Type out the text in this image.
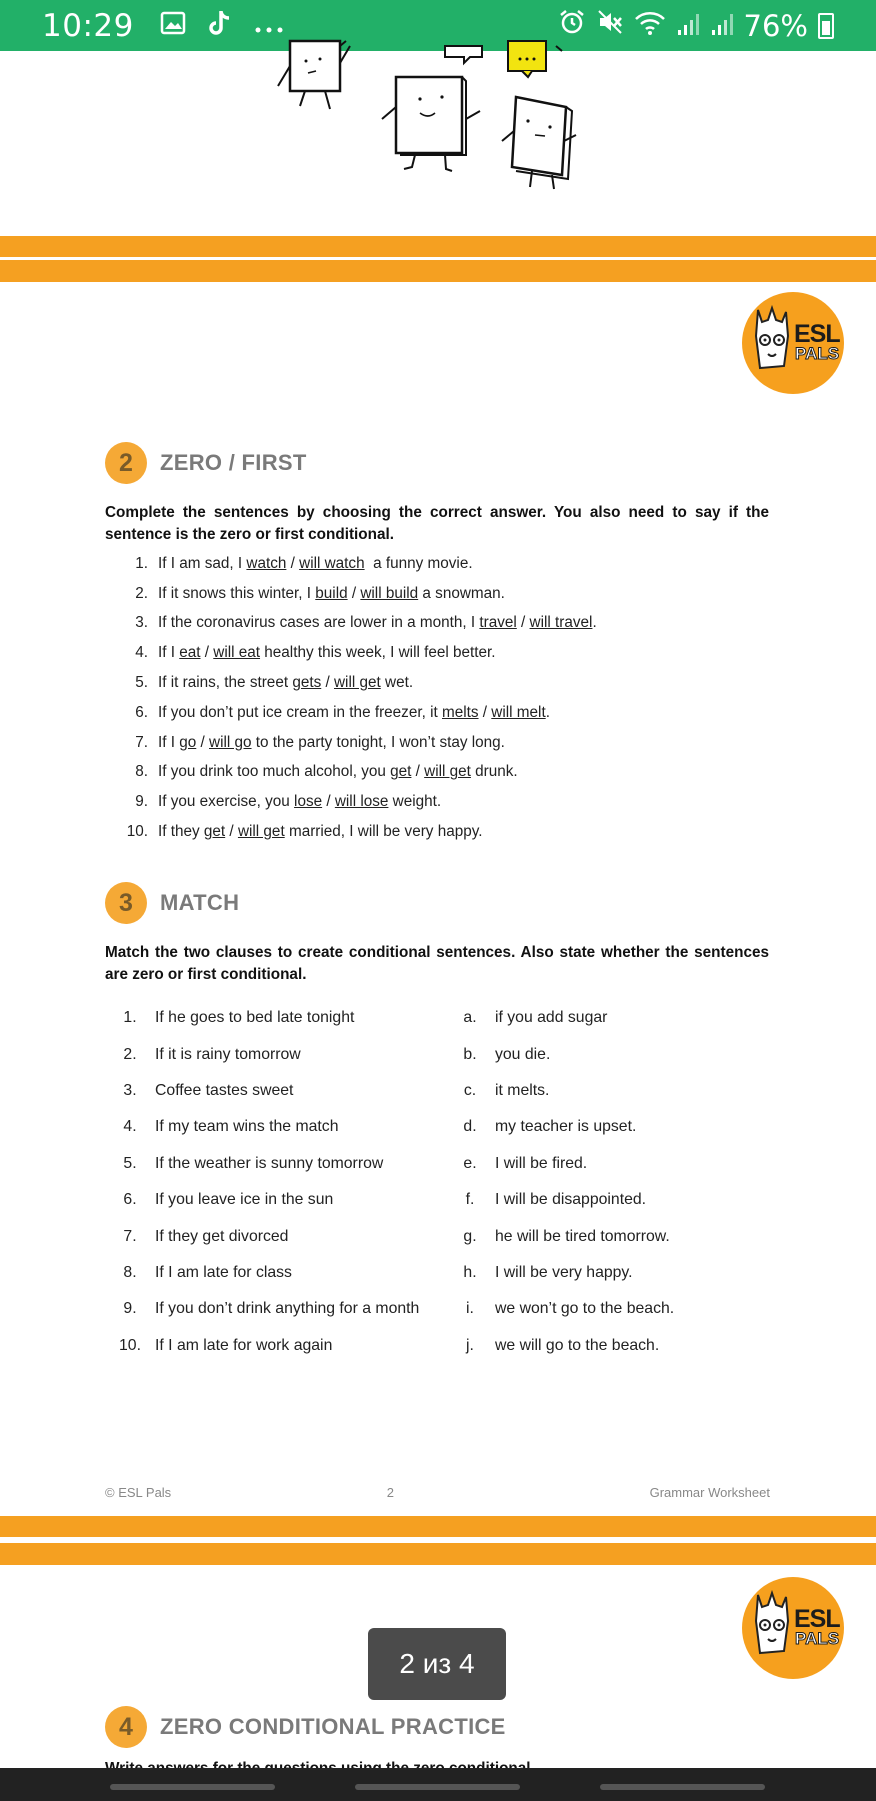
10:29	76%
ESL
PALS
2	ZERO / FIRST
Complete the sentences by choosing the correct answer. You also need to say if the sentence is the zero or first conditional.
1. If I am sad, I watch / will watch  a funny movie.
2. If it snows this winter, I build / will build a snowman.
3. If the coronavirus cases are lower in a month, I travel / will travel.
4. If I eat / will eat healthy this week, I will feel better.
5. If it rains, the street gets / will get wet.
6. If you don’t put ice cream in the freezer, it melts / will melt.
7. If I go / will go to the party tonight, I won’t stay long.
8. If you drink too much alcohol, you get / will get drunk.
9. If you exercise, you lose / will lose weight.
10. If they get / will get married, I will be very happy.
3	MATCH
Match the two clauses to create conditional sentences. Also state whether the sentences are zero or first conditional.
1.	If he goes to bed late tonight	a.	if you add sugar
2.	If it is rainy tomorrow	b.	you die.
3.	Coffee tastes sweet	c.	it melts.
4.	If my team wins the match	d.	my teacher is upset.
5.	If the weather is sunny tomorrow	e.	I will be fired.
6.	If you leave ice in the sun	f.	I will be disappointed.
7.	If they get divorced	g.	he will be tired tomorrow.
8.	If I am late for class	h.	I will be very happy.
9.	If you don’t drink anything for a month	i.	we won’t go to the beach.
10. If I am late for work again	j.	we will go to the beach.
© ESL Pals	2	Grammar Worksheet
ESL
PALS
4	ZERO CONDITIONAL PRACTICE
2 из 4
